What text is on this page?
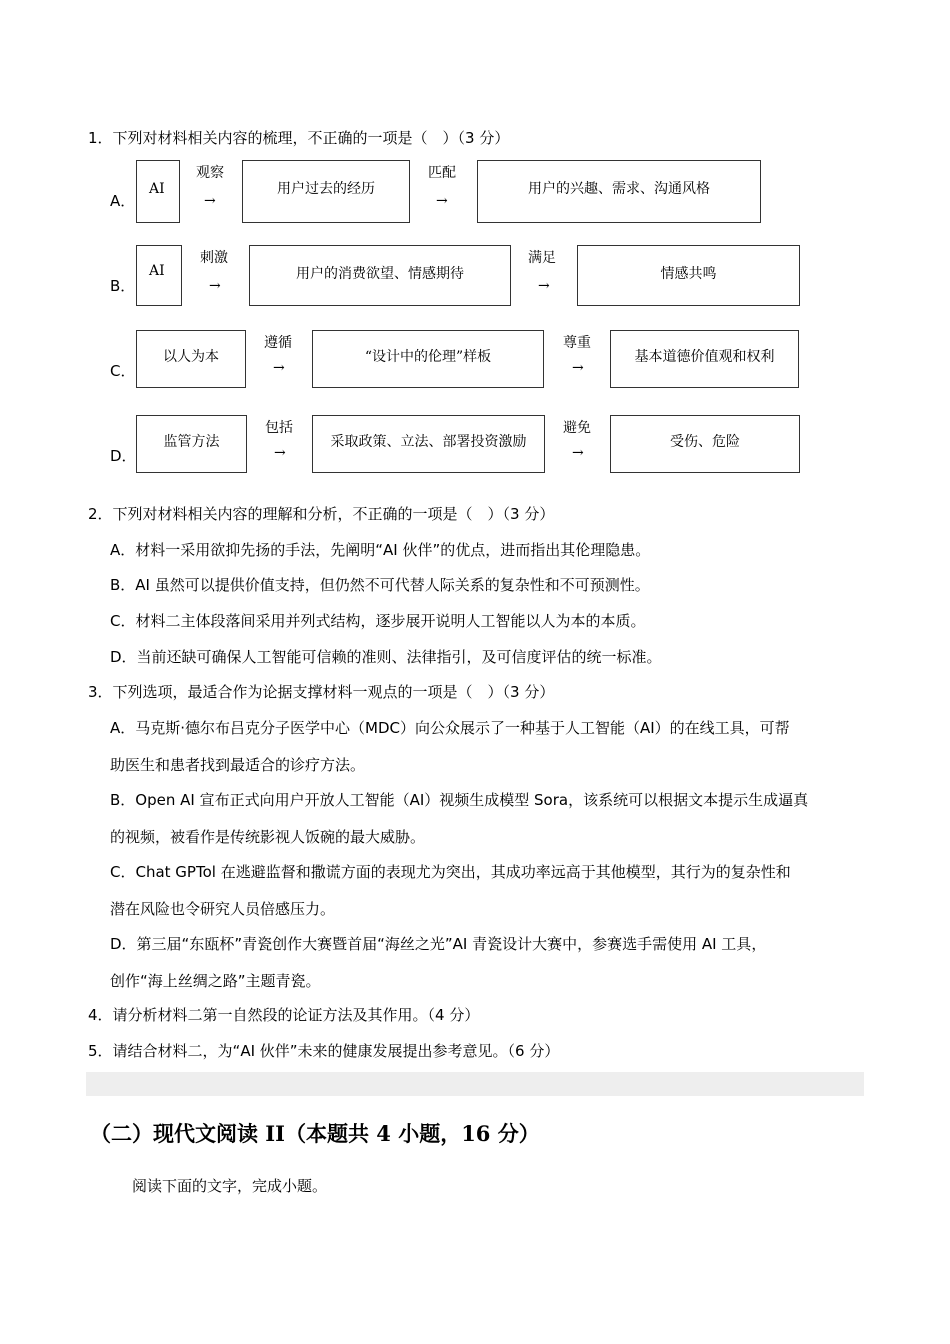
1．下列对材料相关内容的梳理，不正确的一项是（　）（3 分）
A．
AI
观察
→
用户过去的经历
匹配
→
用户的兴趣、需求、沟通风格
B．
AI
刺激
→
用户的消费欲望、情感期待
满足
→
情感共鸣
C．
以人为本
遵循
→
“设计中的伦理”样板
尊重
→
基本道德价值观和权利
D．
监管方法
包括
→
采取政策、立法、部署投资激励
避免
→
受伤、危险
2．下列对材料相关内容的理解和分析，不正确的一项是（　）（3 分）
A．材料一采用欲抑先扬的手法，先阐明“AI 伙伴”的优点，进而指出其伦理隐患。
B．AI 虽然可以提供价值支持，但仍然不可代替人际关系的复杂性和不可预测性。
C．材料二主体段落间采用并列式结构，逐步展开说明人工智能以人为本的本质。
D．当前还缺可确保人工智能可信赖的准则、法律指引，及可信度评估的统一标准。
3．下列选项，最适合作为论据支撑材料一观点的一项是（　）（3 分）
A．马克斯·德尔布吕克分子医学中心（MDC）向公众展示了一种基于人工智能（AI）的在线工具，可帮
助医生和患者找到最适合的诊疗方法。
B．Open AI 宣布正式向用户开放人工智能（AI）视频生成模型 Sora，该系统可以根据文本提示生成逼真
的视频，被看作是传统影视人饭碗的最大威胁。
C．Chat GPTol 在逃避监督和撒谎方面的表现尤为突出，其成功率远高于其他模型，其行为的复杂性和
潜在风险也令研究人员倍感压力。
D．第三届“东瓯杯”青瓷创作大赛暨首届“海丝之光”AI 青瓷设计大赛中，参赛选手需使用 AI 工具，
创作“海上丝绸之路”主题青瓷。
4．请分析材料二第一自然段的论证方法及其作用。（4 分）
5．请结合材料二，为“AI 伙伴”未来的健康发展提出参考意见。（6 分）
（二）现代文阅读 II（本题共 4 小题，16 分）
阅读下面的文字，完成小题。
